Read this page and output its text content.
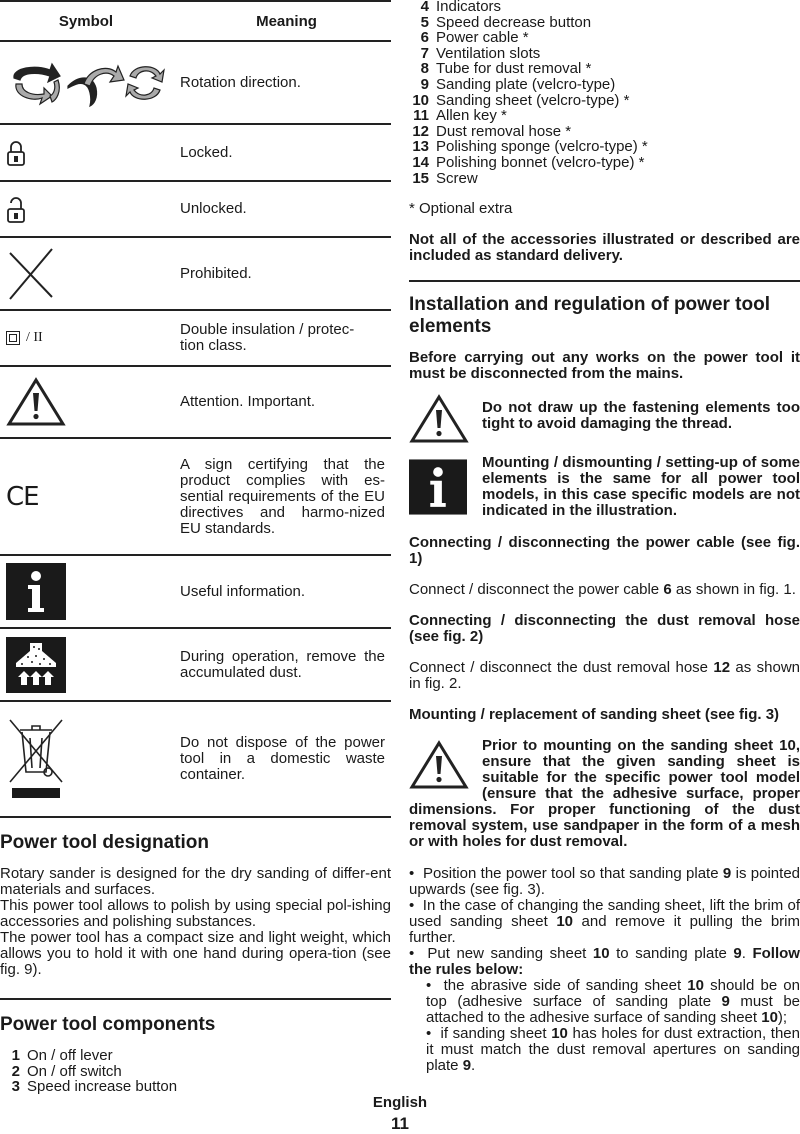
Symbol	Meaning
Rotation direction.
Locked.
Unlocked.
Prohibited.
/ II	Double insulation / protec-
tion class.
Attention. Important.
CE
A sign certifying that the product complies with es-sential requirements of the EU directives and harmo-nized EU standards.
Useful information.
During operation, remove the accumulated dust.
Do not dispose of the power tool in a domestic waste container.
Power tool designation

Rotary sander is designed for the dry sanding of differ-ent materials and surfaces.

This power tool allows to polish by using special pol-ishing accessories and polishing substances.

The power tool has a compact size and light weight, which allows you to hold it with one hand during opera-tion (see fig. 9).

Power tool components
1 On / off lever
2 On / off switch
3 Speed increase button
4 Indicators
5 Speed decrease button
6 Power cable *
7 Ventilation slots
8 Tube for dust removal *
9 Sanding plate (velcro-type)
10 Sanding sheet (velcro-type) *
11 Allen key *
12 Dust removal hose *
13 Polishing sponge (velcro-type) *
14 Polishing bonnet (velcro-type) *
15 Screw

* Optional extra

Not all of the accessories illustrated or described are included as standard delivery.

Installation and regulation of power tool elements

Before carrying out any works on the power tool it must be disconnected from the mains.

Do not draw up the fastening elements too tight to avoid damaging the thread.

Mounting / dismounting / setting-up of some elements is the same for all power tool models, in this case specific models are not indicated in the illustration.

Connecting / disconnecting the power cable (see fig. 1)

Connect / disconnect the power cable 6 as shown in fig. 1.

Connecting / disconnecting the dust removal hose (see fig. 2)

Connect / disconnect the dust removal hose 12 as shown in fig. 2.

Mounting / replacement of sanding sheet (see fig. 3)

Prior to mounting on the sanding sheet 10, ensure that the given sanding sheet is suitable for the specific power tool model (ensure that the adhesive surface, proper dimensions. For proper functioning of the dust removal system, use sandpaper in the form of a mesh or with holes for dust removal.

•  Position the power tool so that sanding plate 9 is pointed upwards (see fig. 3).

•  In the case of changing the sanding sheet, lift the brim of used sanding sheet 10 and remove it pulling the brim further.

•  Put new sanding sheet 10 to sanding plate 9. Follow the rules below:

•  the abrasive side of sanding sheet 10 should be on top (adhesive surface of sanding plate 9 must be attached to the adhesive surface of sanding sheet 10);

•  if sanding sheet 10 has holes for dust extraction, then it must match the dust removal apertures on sanding plate 9.

English
11
